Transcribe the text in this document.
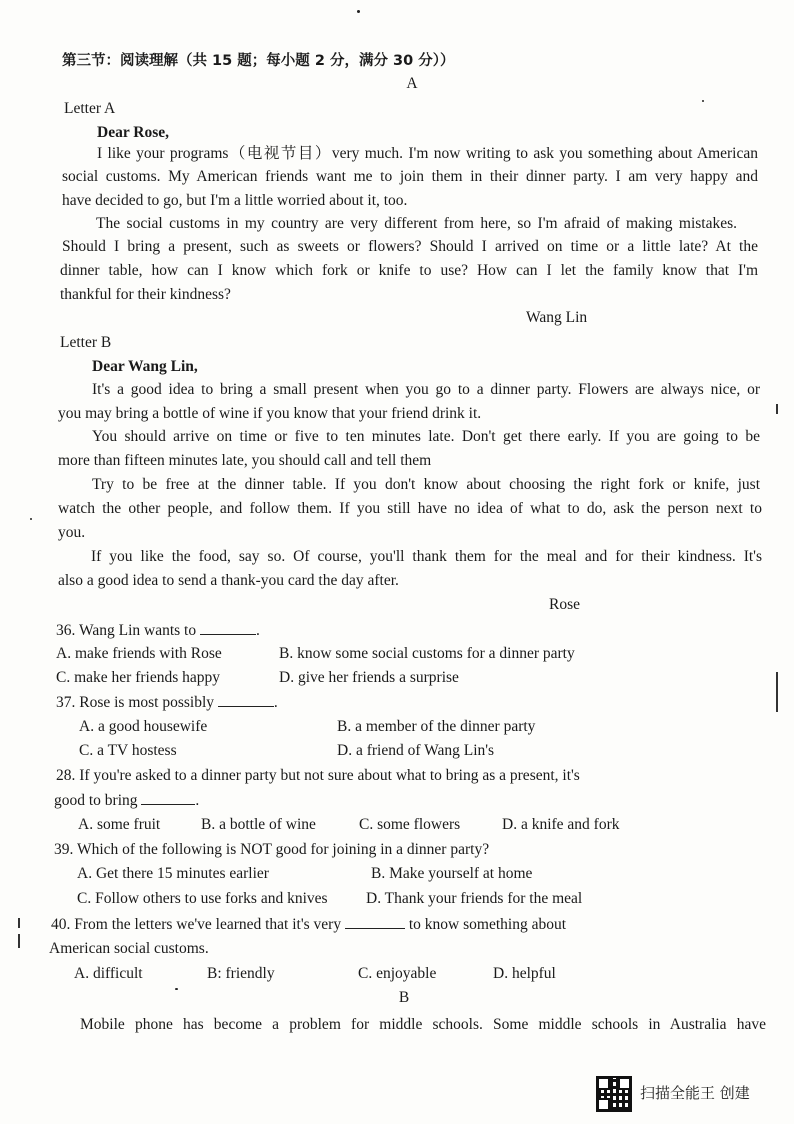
第三节：阅读理解（共 15 题；每小题 2 分，满分 30 分））
A
Letter A
Dear Rose,
I like your programs（电视节目）very much. I'm now writing to ask you something about American
social customs. My American friends want me to join them in their dinner party. I am very happy and
have decided to go, but I'm a little worried about it, too.
The social customs in my country are very different from here, so I'm afraid of making mistakes.
Should I bring a present, such as sweets or flowers? Should I arrived on time or a little late? At the
dinner table, how can I know which fork or knife to use? How can I let the family know that I'm
thankful for their kindness?
Wang Lin
Letter B
Dear Wang Lin,
It's a good idea to bring a small present when you go to a dinner party. Flowers are always nice, or
you may bring a bottle of wine if you know that your friend drink it.
You should arrive on time or five to ten minutes late. Don't get there early. If you are going to be
more than fifteen minutes late, you should call and tell them
Try to be free at the dinner table. If you don't know about choosing the right fork or knife, just
watch the other people, and follow them. If you still have no idea of what to do, ask the person next to
you.
If you like the food, say so. Of course, you'll thank them for the meal and for their kindness. It's
also a good idea to send a thank-you card the day after.
Rose
36. Wang Lin wants to	.
A. make friends with Rose	B. know some social customs for a dinner party
C. make her friends happy	D. give her friends a surprise
37. Rose is most possibly	.
A. a good housewife	B. a member of the dinner party
C. a TV hostess	D. a friend of Wang Lin's
28. If you're asked to a dinner party but not sure about what to bring as a present, it's
good to bring	.
A. some fruit	B. a bottle of wine	C. some flowers	D. a knife and fork
39. Which of the following is NOT good for joining in a dinner party?
A. Get there 15 minutes earlier	B. Make yourself at home
C. Follow others to use forks and knives D. Thank your friends for the meal
40. From the letters we've learned that it's very	to know something about
American social customs.
A. difficult	B: friendly	C. enjoyable	D. helpful
B
Mobile phone has become a problem for middle schools. Some middle schools in Australia have
扫描全能王 创建
